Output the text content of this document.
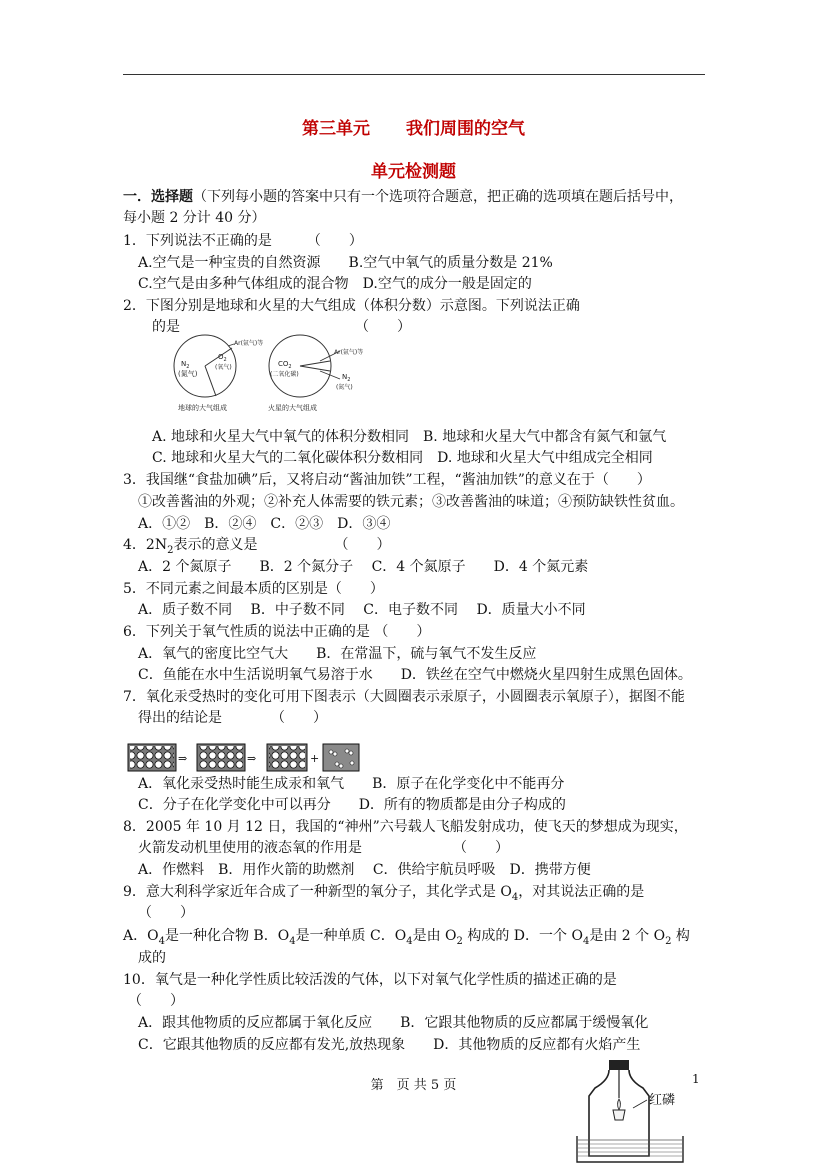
第三单元 我们周围的空气
单元检测题
一．选择题（下列每小题的答案中只有一个选项符合题意，把正确的选项填在题后括号中，
每小题 2 分计 40 分）
1．下列说法不正确的是　　　（　　）
A.空气是一种宝贵的自然资源　　B.空气中氧气的质量分数是 21%
C.空气是由多种气体组成的混合物　D.空气的成分一般是固定的
2．下图分别是地球和火星的大气组成（体积分数）示意图。下列说法正确
的是　　　　　　　　　　　　　（　　）
$N_2$
(氮气)
$O_2$
(氧气)
Ar(氩气)等
地球的大气组成
$CO_2$
(二氧化碳)
Ar(氩气)等
$N_2$
(氮气)
火星的大气组成
A. 地球和火星大气中氧气的体积分数相同　B. 地球和火星大气中都含有氮气和氩气
C. 地球和火星大气的二氧化碳体积分数相同　D. 地球和火星大气中组成完全相同
3．我国继“食盐加碘”后，又将启动“酱油加铁”工程，“酱油加铁”的意义在于（　　）
①改善酱油的外观；②补充人体需要的铁元素；③改善酱油的味道；④预防缺铁性贫血。
A．①②　B．②④　C．②③　D．③④
4．$2N_2$表示的意义是　　　　　　（　　）
A．2 个氮原子　　B．2 个氮分子　 C．4 个氮原子　　D．4 个氮元素
5．不同元素之间最本质的区别是（　　）
A．质子数不同　 B．中子数不同　 C．电子数不同　 D．质量大小不同
6．下列关于氧气性质的说法中正确的是 （　　）
A．氧气的密度比空气大　　B．在常温下，硫与氧气不发生反应
C．鱼能在水中生活说明氧气易溶于水　　D．铁丝在空气中燃烧火星四射生成黑色固体。
7．氧化汞受热时的变化可用下图表示（大圆圈表示汞原子，小圆圈表示氧原子），据图不能
得出的结论是　　　　（　　）
⇒	⇒	+
A．氧化汞受热时能生成汞和氧气　　B．原子在化学变化中不能再分
C．分子在化学变化中可以再分　　D．所有的物质都是由分子构成的
8．2005 年 10 月 12 日，我国的“神州”六号载人飞船发射成功，使飞天的梦想成为现实，
火箭发动机里使用的液态氧的作用是　　　　　　　（　　）
A．作燃料　B．用作火箭的助燃剂　 C．供给宇航员呼吸　D．携带方便
9．意大利科学家近年合成了一种新型的氧分子，其化学式是 $O_4$，对其说法正确的是
（　　）
A．$O_4$是一种化合物 B．$O_4$是一种单质 C．$O_4$是由 $O_2$ 构成的 D．一个 $O_4$是由 2 个 $O_2$ 构
成的
10．氧气是一种化学性质比较活泼的气体，以下对氧气化学性质的描述正确的是
（　　）
A．跟其他物质的反应都属于氧化反应　　B．它跟其他物质的反应都属于缓慢氧化
C．它跟其他物质的反应都有发光,放热现象　　D．其他物质的反应都有火焰产生
第　页 共 5 页	1
红磷
